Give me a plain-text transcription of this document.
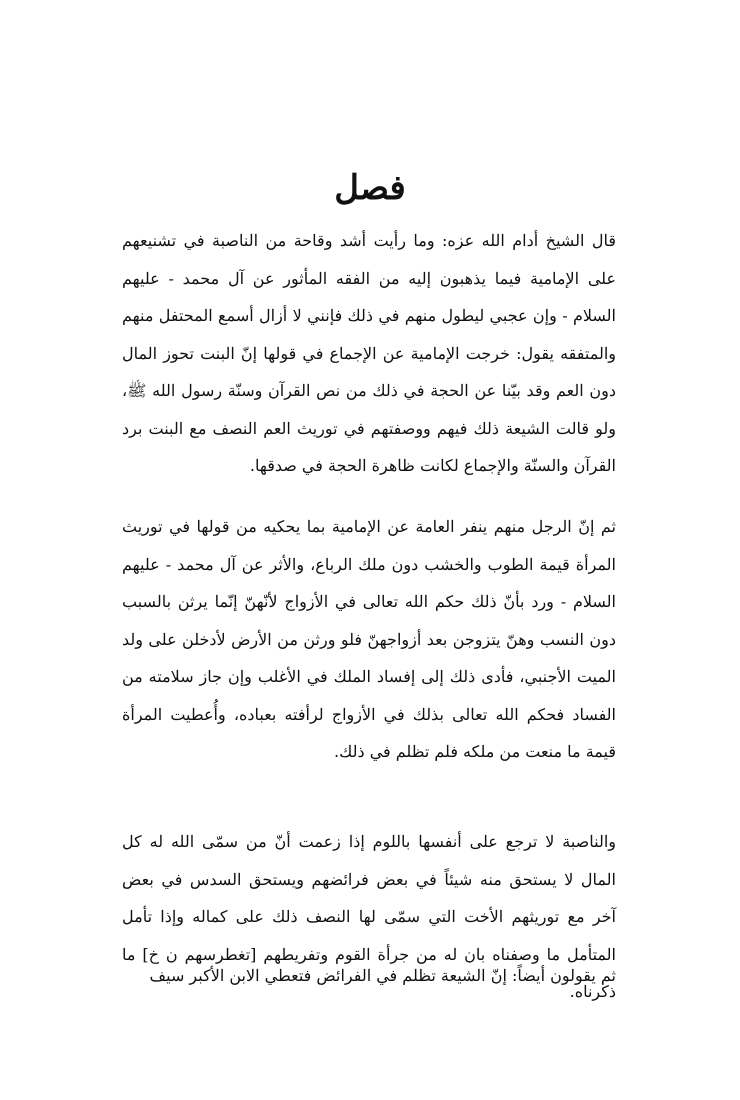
فصل

قال الشيخ أدام الله عزه: وما رأيت أشد وقاحة من الناصبة في تشنيعهم على الإمامية فيما يذهبون إليه من الفقه المأثور عن آل محمد - عليهم السلام - وإن عجبي ليطول منهم في ذلك فإنني لا أزال أسمع المحتفل منهم والمتفقه يقول: خرجت الإمامية عن الإجماع في قولها إنّ البنت تحوز المال دون العم وقد بيّنا عن الحجة في ذلك من نص القرآن وسنّة رسول الله ﷺ، ولو قالت الشيعة ذلك فيهم ووصفتهم في توريث العم النصف مع البنت برد القرآن والسنّة والإجماع لكانت ظاهرة الحجة في صدقها.

ثم إنّ الرجل منهم ينفر العامة عن الإمامية بما يحكيه من قولها في توريث المرأة قيمة الطوب والخشب دون ملك الرباع، والأثر عن آل محمد - عليهم السلام - ورد بأنّ ذلك حكم الله تعالى في الأزواج لأنّهنّ إنّما يرثن بالسبب دون النسب وهنّ يتزوجن بعد أزواجهنّ فلو ورثن من الأرض لأدخلن على ولد الميت الأجنبي، فأدى ذلك إلى إفساد الملك في الأغلب وإن جاز سلامته من الفساد فحكم الله تعالى بذلك في الأزواج لرأفته بعباده، وأُعطيت المرأة قيمة ما منعت من ملكه فلم تظلم في ذلك.

والناصبة لا ترجع على أنفسها باللوم إذا زعمت أنّ من سمّى الله له كل المال لا يستحق منه شيئاً في بعض فرائضهم ويستحق السدس في بعض آخر مع توريثهم الأخت التي سمّى لها النصف ذلك على كماله وإذا تأمل المتأمل ما وصفناه بان له من جرأة القوم وتفريطهم [تغطرسهم ن خ] ما ذكرناه.

ثم يقولون أيضاً: إنّ الشيعة تظلم في الفرائض فتعطي الابن الأكبر سيف
